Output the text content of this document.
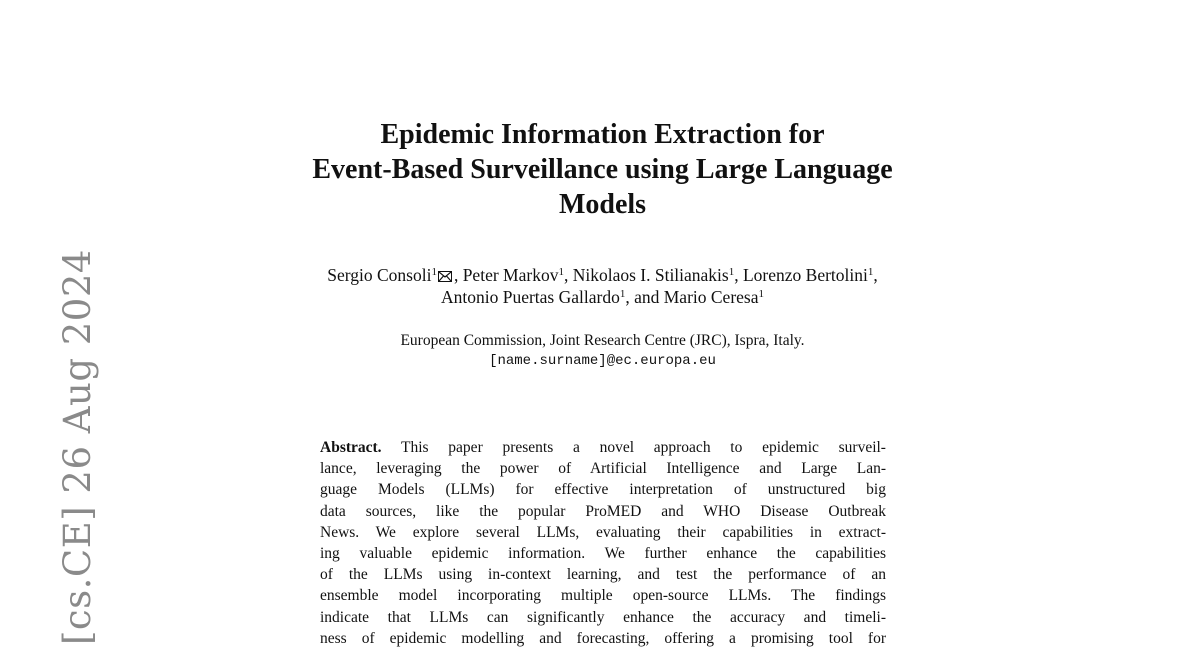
[cs.CE] 26 Aug 2024
Epidemic Information Extraction for
Event-Based Surveillance using Large Language
Models
Sergio Consoli$^1$ , Peter Markov$^1$, Nikolaos I. Stilianakis$^1$, Lorenzo Bertolini$^1$,
Antonio Puertas Gallardo$^1$, and Mario Ceresa$^1$
European Commission, Joint Research Centre (JRC), Ispra, Italy.
[name.surname]@ec.europa.eu
Abstract. This paper presents a novel approach to epidemic surveil-
lance, leveraging the power of Artificial Intelligence and Large Lan-
guage Models (LLMs) for effective interpretation of unstructured big
data sources, like the popular ProMED and WHO Disease Outbreak
News. We explore several LLMs, evaluating their capabilities in extract-
ing valuable epidemic information. We further enhance the capabilities
of the LLMs using in-context learning, and test the performance of an
ensemble model incorporating multiple open-source LLMs. The findings
indicate that LLMs can significantly enhance the accuracy and timeli-
ness of epidemic modelling and forecasting, offering a promising tool for
